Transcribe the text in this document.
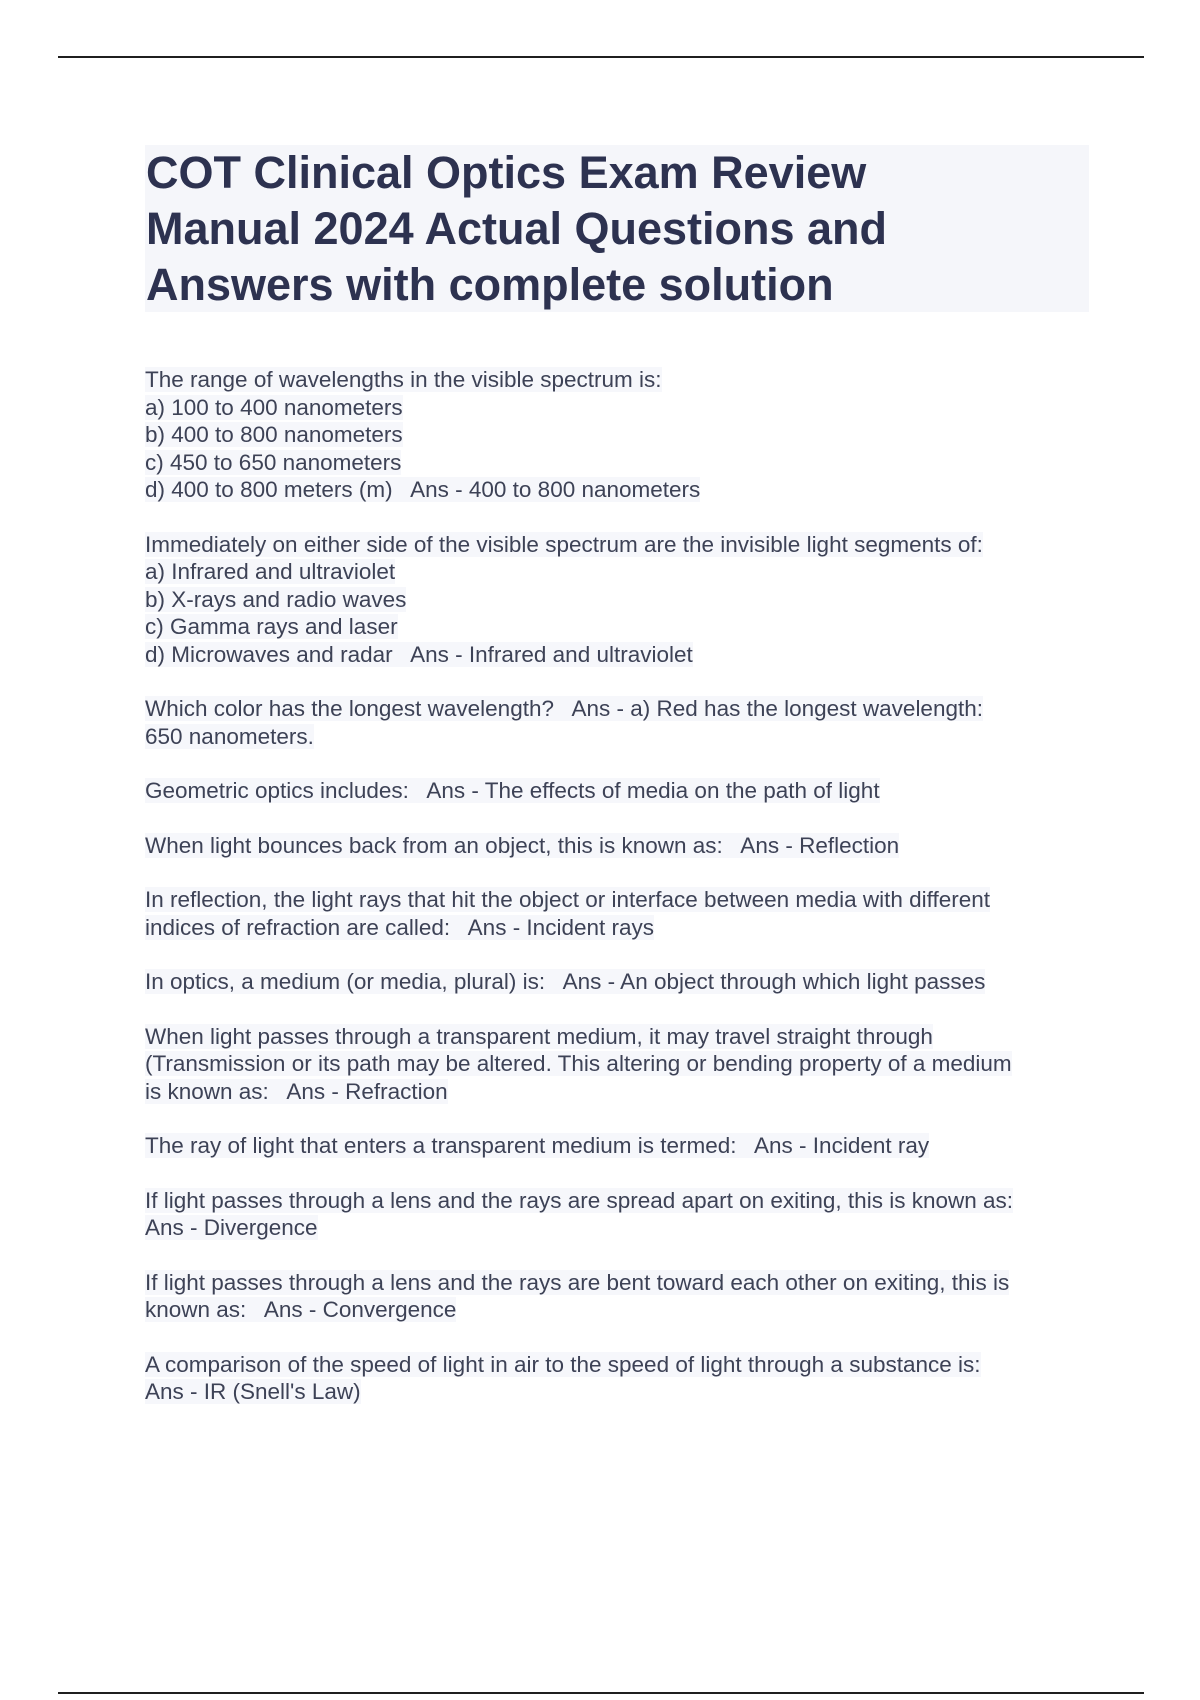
COT Clinical Optics Exam Review
Manual 2024 Actual Questions and
Answers with complete solution
The range of wavelengths in the visible spectrum is:
a) 100 to 400 nanometers
b) 400 to 800 nanometers
c) 450 to 650 nanometers
d) 400 to 800 meters (m)   Ans - 400 to 800 nanometers
Immediately on either side of the visible spectrum are the invisible light segments of:
a) Infrared and ultraviolet
b) X-rays and radio waves
c) Gamma rays and laser
d) Microwaves and radar   Ans - Infrared and ultraviolet
Which color has the longest wavelength?   Ans - a) Red has the longest wavelength:
650 nanometers.
Geometric optics includes:   Ans - The effects of media on the path of light
When light bounces back from an object, this is known as:   Ans - Reflection
In reflection, the light rays that hit the object or interface between media with different
indices of refraction are called:   Ans - Incident rays
In optics, a medium (or media, plural) is:   Ans - An object through which light passes
When light passes through a transparent medium, it may travel straight through
(Transmission or its path may be altered. This altering or bending property of a medium
is known as:   Ans - Refraction
The ray of light that enters a transparent medium is termed:   Ans - Incident ray
If light passes through a lens and the rays are spread apart on exiting, this is known as:
Ans - Divergence
If light passes through a lens and the rays are bent toward each other on exiting, this is
known as:   Ans - Convergence
A comparison of the speed of light in air to the speed of light through a substance is:
Ans - IR (Snell's Law)
